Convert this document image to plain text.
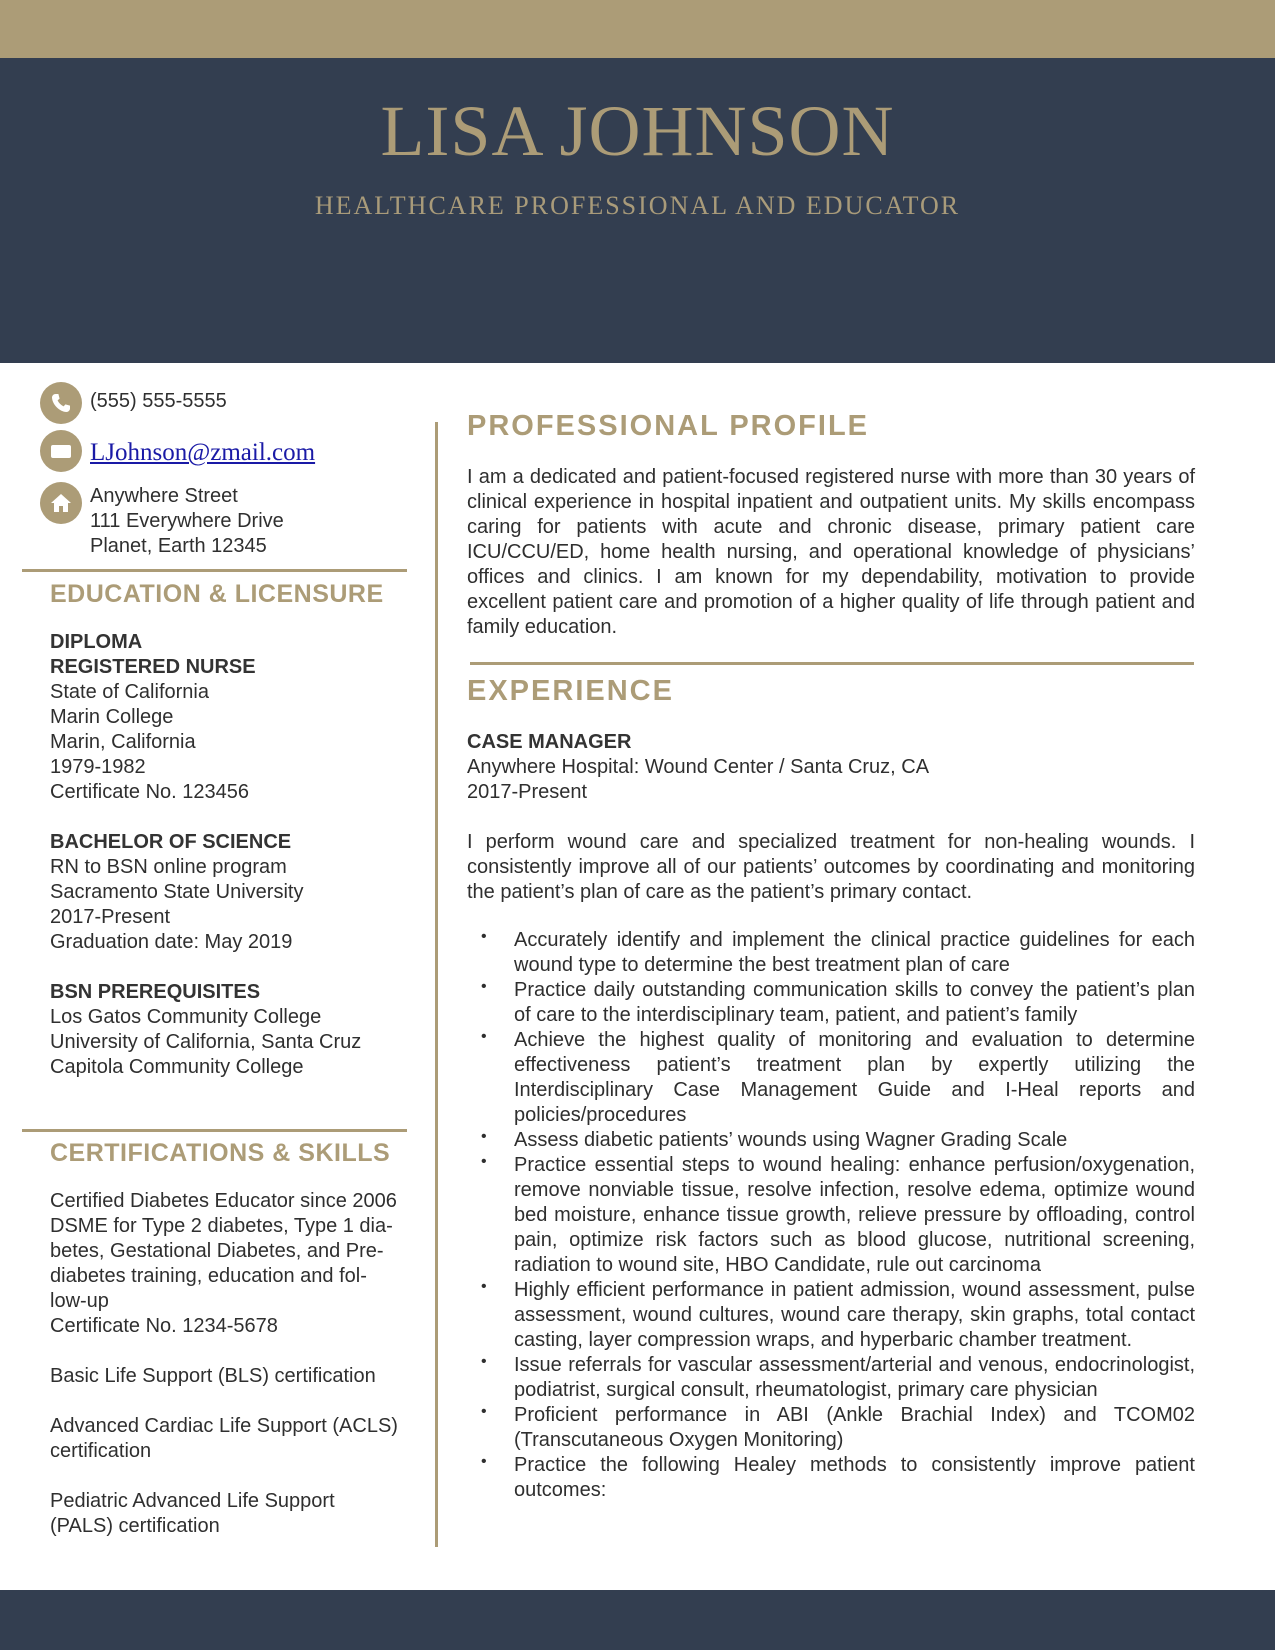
LISA JOHNSON
HEALTHCARE PROFESSIONAL AND EDUCATOR
(555) 555-5555
LJohnson@zmail.com
Anywhere Street
111 Everywhere Drive
Planet, Earth 12345
EDUCATION & LICENSURE
DIPLOMA
REGISTERED NURSE
State of California
Marin College
Marin, California
1979-1982
Certificate No. 123456
BACHELOR OF SCIENCE
RN to BSN online program
Sacramento State University
2017-Present
Graduation date: May 2019
BSN PREREQUISITES
Los Gatos Community College
University of California, Santa Cruz
Capitola Community College
CERTIFICATIONS & SKILLS
Certified Diabetes Educator since 2006
DSME for Type 2 diabetes, Type 1 dia-
betes, Gestational Diabetes, and Pre-
diabetes training, education and fol-
low-up
Certificate No. 1234-5678
Basic Life Support (BLS) certification
Advanced Cardiac Life Support (ACLS)
certification
Pediatric Advanced Life Support
(PALS) certification
PROFESSIONAL PROFILE

I am a dedicated and patient-focused registered nurse with more than 30 years of clinical experience in hospital inpatient and outpatient units. My skills encompass caring for patients with acute and chronic disease, primary patient care ICU/CCU/ED, home health nursing, and operational knowledge of physicians’ offices and clinics. I am known for my dependability, motivation to provide excellent patient care and promotion of a higher quality of life through patient and family education.

EXPERIENCE
CASE MANAGER
Anywhere Hospital: Wound Center / Santa Cruz, CA
2017-Present

I perform wound care and specialized treatment for non-healing wounds. I consistently improve all of our patients’ outcomes by coordinating and monitoring the patient’s plan of care as the patient’s primary contact.

• Accurately identify and implement the clinical practice guidelines for each wound type to determine the best treatment plan of care
• Practice daily outstanding communication skills to convey the patient’s plan of care to the interdisciplinary team, patient, and patient’s family
• Achieve the highest quality of monitoring and evaluation to determine effectiveness patient’s treatment plan by expertly utilizing the Interdisciplinary Case Management Guide and I-Heal reports and policies/procedures
• Assess diabetic patients’ wounds using Wagner Grading Scale
• Practice essential steps to wound healing: enhance perfusion/oxygenation, remove nonviable tissue, resolve infection, resolve edema, optimize wound bed moisture, enhance tissue growth, relieve pressure by offloading, control pain, optimize risk factors such as blood glucose, nutritional screening, radiation to wound site, HBO Candidate, rule out carcinoma
• Highly efficient performance in patient admission, wound assessment, pulse assessment, wound cultures, wound care therapy, skin graphs, total contact casting, layer compression wraps, and hyperbaric chamber treatment.
• Issue referrals for vascular assessment/arterial and venous, endocrinologist, podiatrist, surgical consult, rheumatologist, primary care physician
• Proficient performance in ABI (Ankle Brachial Index) and TCOM02 (Transcutaneous Oxygen Monitoring)
• Practice the following Healey methods to consistently improve patient outcomes:
